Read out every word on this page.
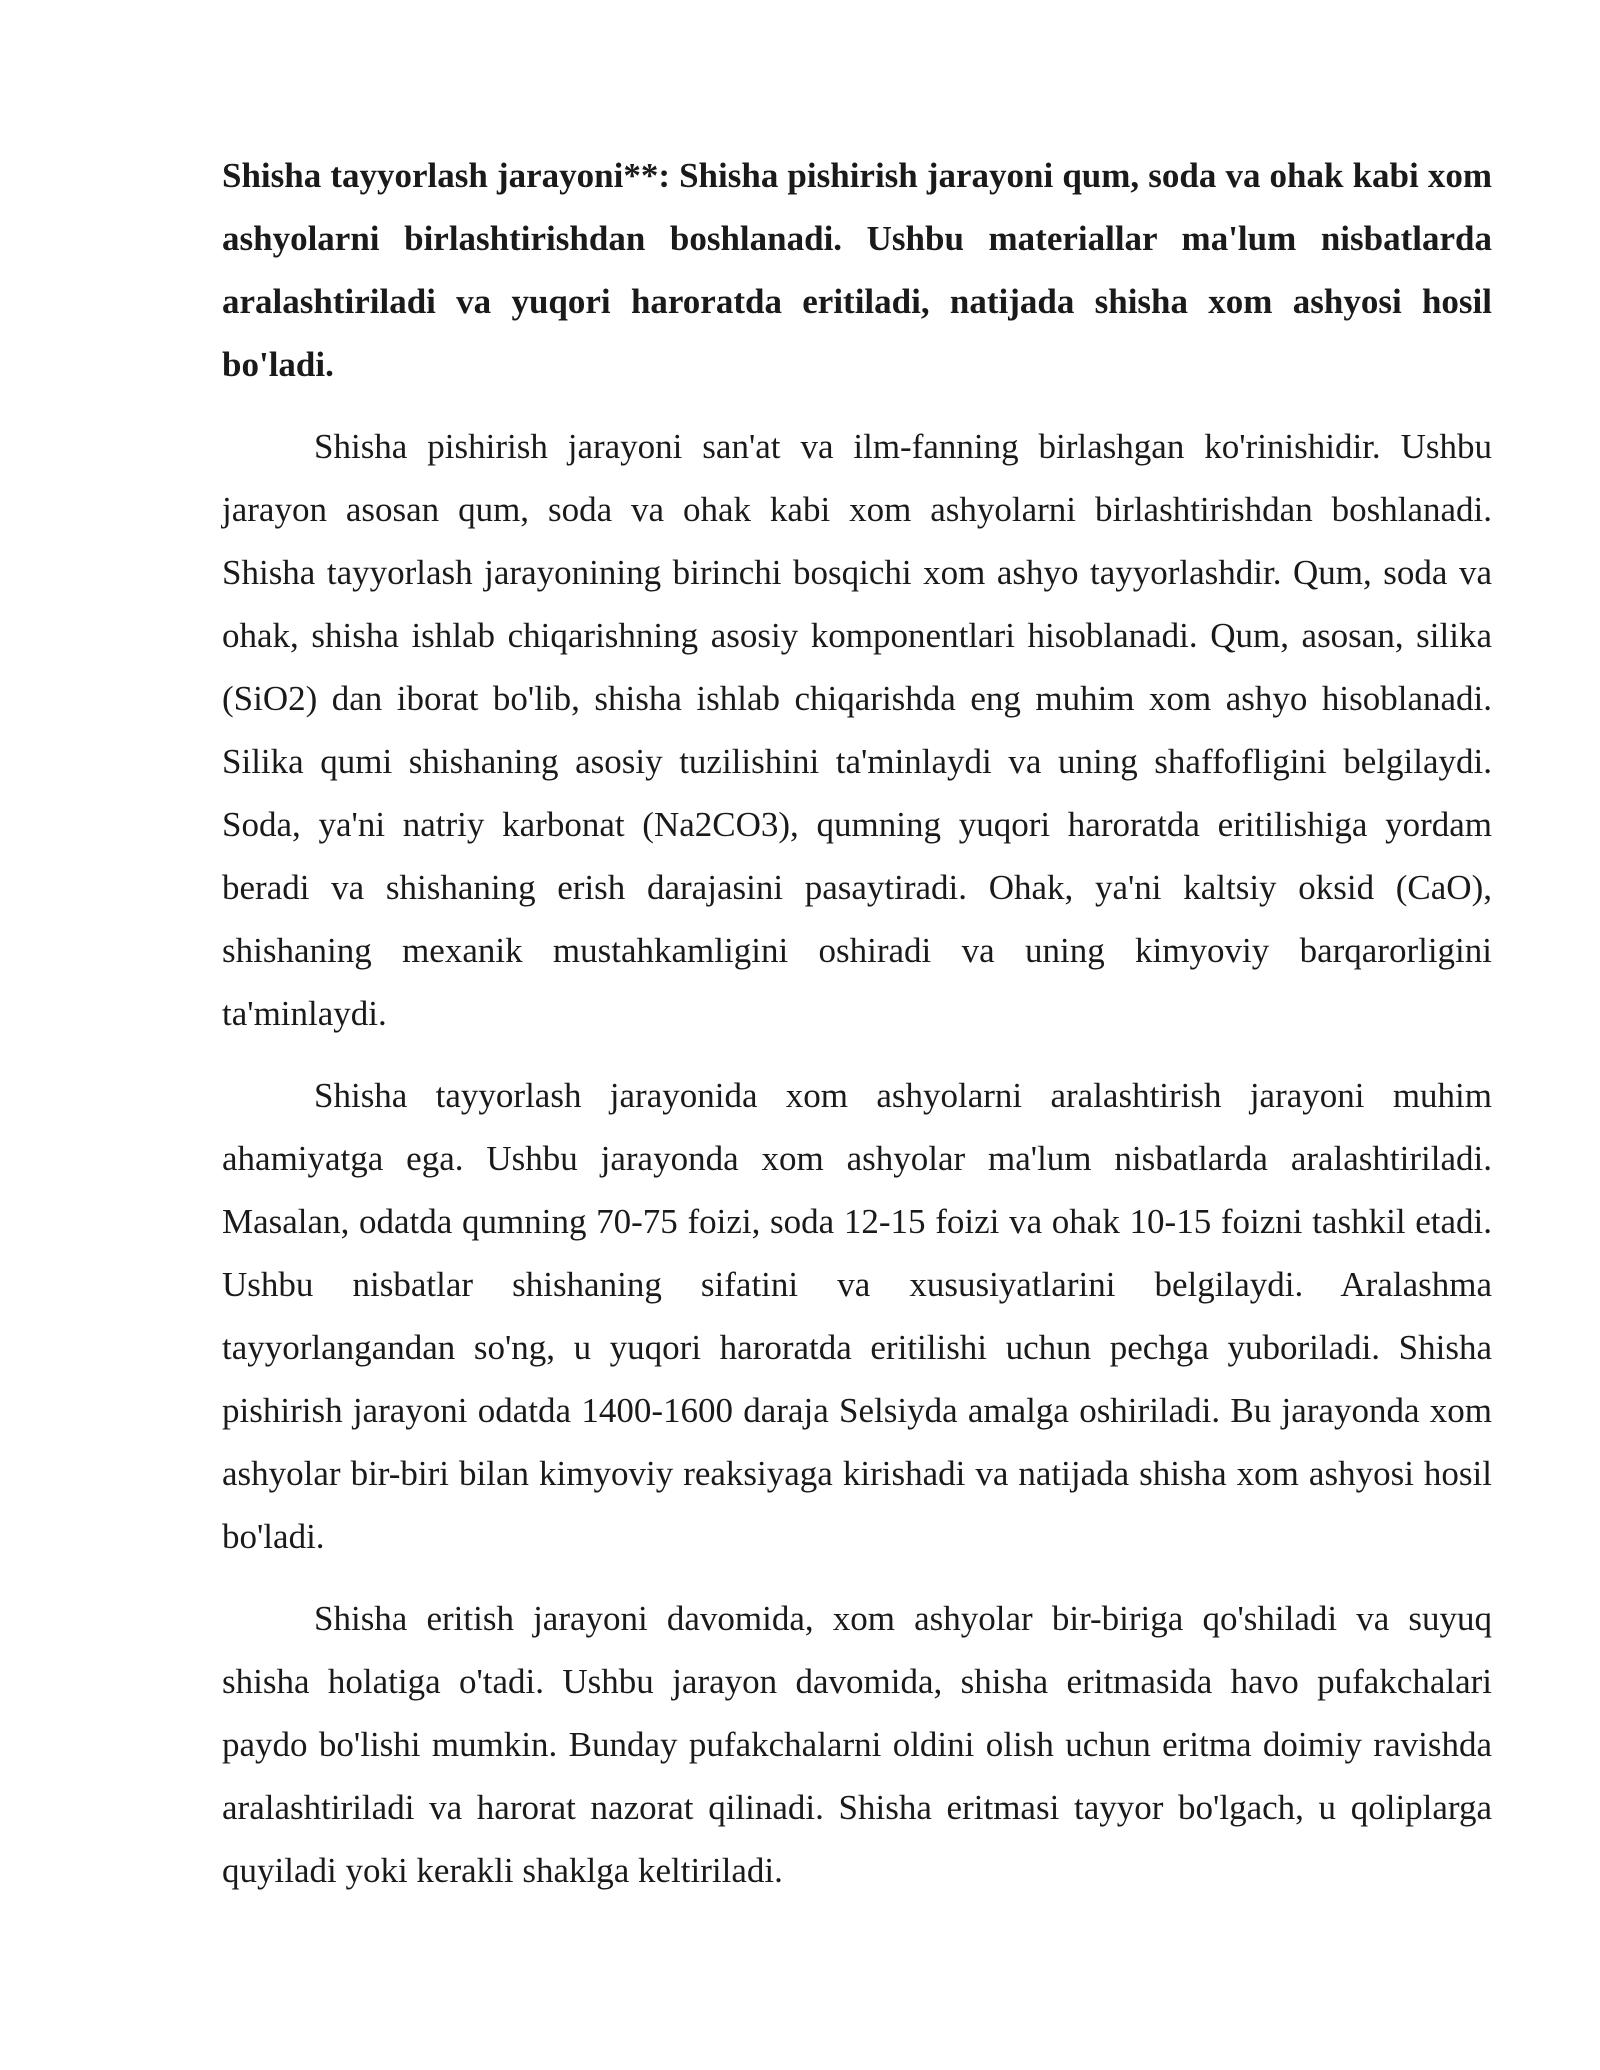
Shisha tayyorlash jarayoni**: Shisha pishirish jarayoni qum, soda va ohak kabi xom ashyolarni birlashtirishdan boshlanadi. Ushbu materiallar ma'lum nisbatlarda aralashtiriladi va yuqori haroratda eritiladi, natijada shisha xom ashyosi hosil bo'ladi.

Shisha pishirish jarayoni san'at va ilm-fanning birlashgan ko'rinishidir. Ushbu jarayon asosan qum, soda va ohak kabi xom ashyolarni birlashtirishdan boshlanadi. Shisha tayyorlash jarayonining birinchi bosqichi xom ashyo tayyorlashdir. Qum, soda va ohak, shisha ishlab chiqarishning asosiy komponentlari hisoblanadi. Qum, asosan, silika (SiO2) dan iborat bo'lib, shisha ishlab chiqarishda eng muhim xom ashyo hisoblanadi. Silika qumi shishaning asosiy tuzilishini ta'minlaydi va uning shaffofligini belgilaydi. Soda, ya'ni natriy karbonat (Na2CO3), qumning yuqori haroratda eritilishiga yordam beradi va shishaning erish darajasini pasaytiradi. Ohak, ya'ni kaltsiy oksid (CaO), shishaning mexanik mustahkamligini oshiradi va uning kimyoviy barqarorligini ta'minlaydi.

Shisha tayyorlash jarayonida xom ashyolarni aralashtirish jarayoni muhim ahamiyatga ega. Ushbu jarayonda xom ashyolar ma'lum nisbatlarda aralashtiriladi. Masalan, odatda qumning 70-75 foizi, soda 12-15 foizi va ohak 10-15 foizni tashkil etadi. Ushbu nisbatlar shishaning sifatini va xususiyatlarini belgilaydi. Aralashma tayyorlangandan so'ng, u yuqori haroratda eritilishi uchun pechga yuboriladi. Shisha pishirish jarayoni odatda 1400-1600 daraja Selsiyda amalga oshiriladi. Bu jarayonda xom ashyolar bir-biri bilan kimyoviy reaksiyaga kirishadi va natijada shisha xom ashyosi hosil bo'ladi.

Shisha eritish jarayoni davomida, xom ashyolar bir-biriga qo'shiladi va suyuq shisha holatiga o'tadi. Ushbu jarayon davomida, shisha eritmasida havo pufakchalari paydo bo'lishi mumkin. Bunday pufakchalarni oldini olish uchun eritma doimiy ravishda aralashtiriladi va harorat nazorat qilinadi. Shisha eritmasi tayyor bo'lgach, u qoliplarga quyiladi yoki kerakli shaklga keltiriladi.
